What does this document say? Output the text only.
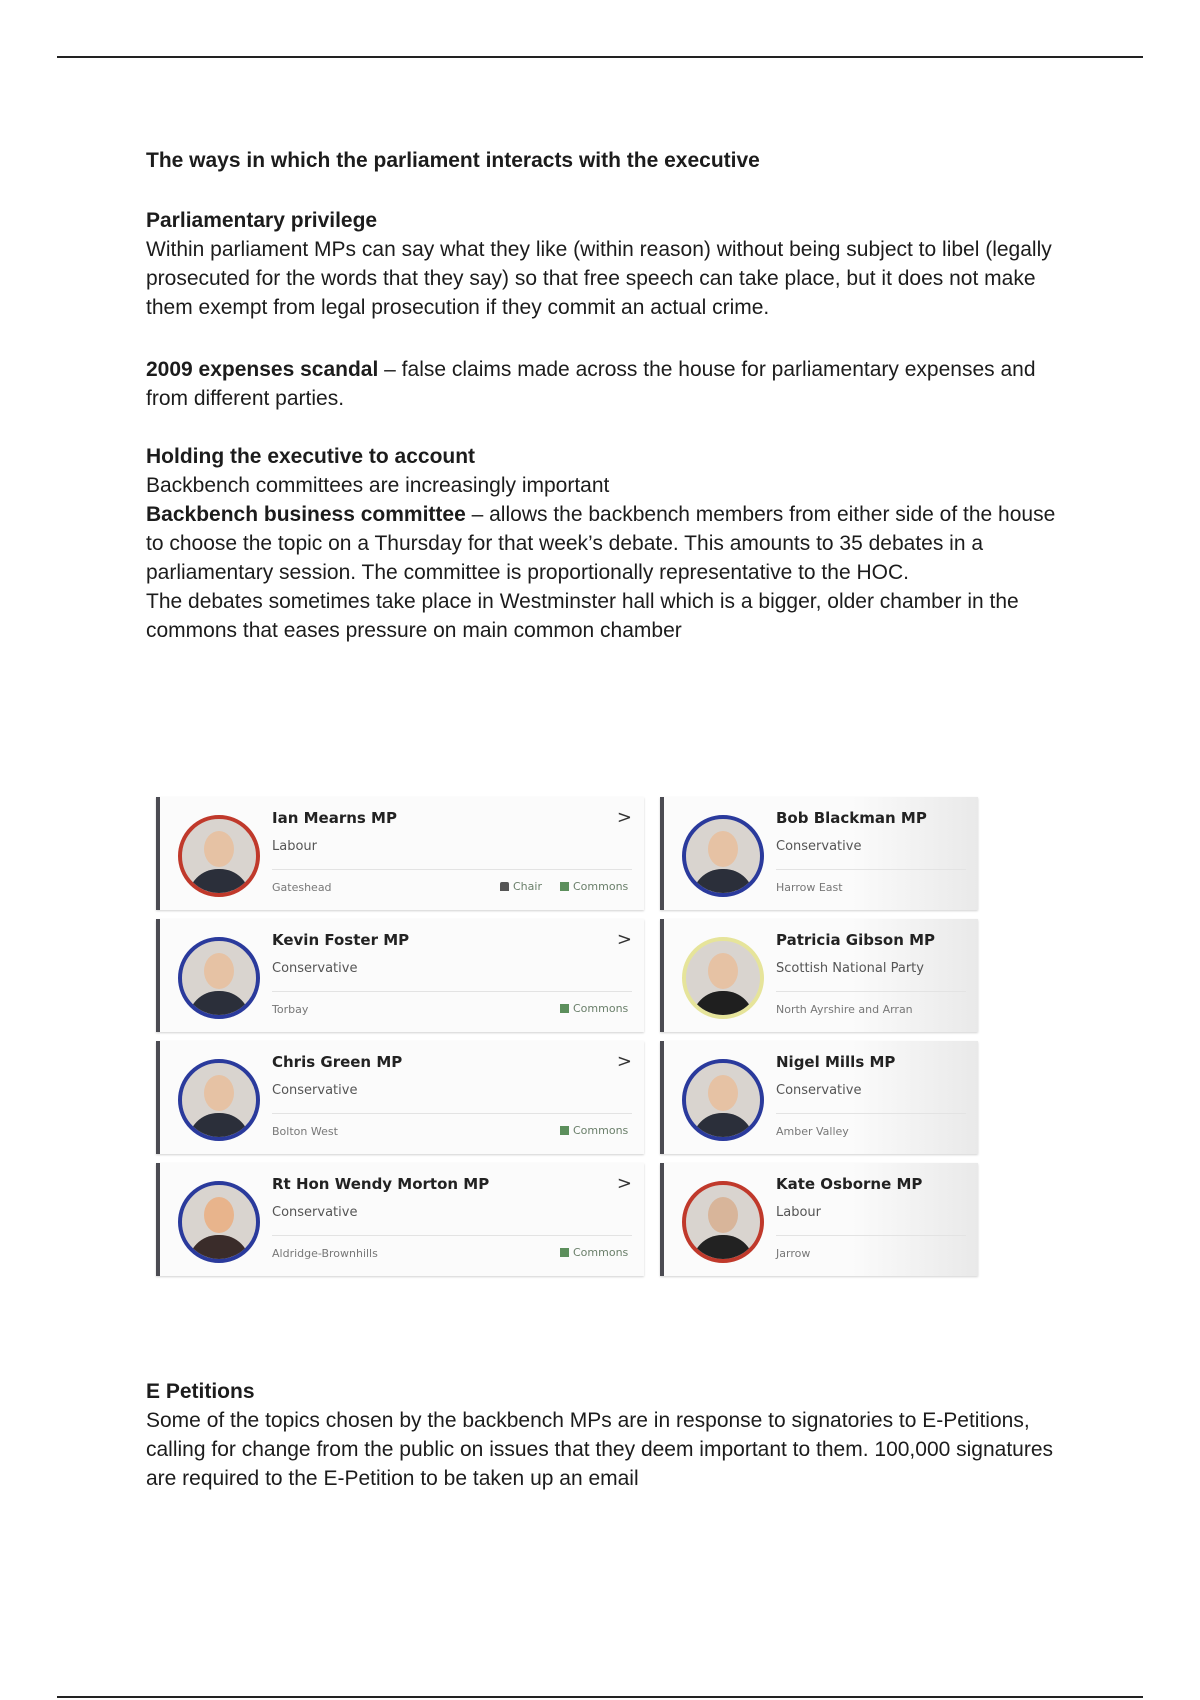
The ways in which the parliament interacts with the executive
Parliamentary privilege
Within parliament MPs can say what they like (within reason) without being subject to libel (legally prosecuted for the words that they say) so that free speech can take place, but it does not make them exempt from legal prosecution if they commit an actual crime.
2009 expenses scandal – false claims made across the house for parliamentary expenses and from different parties.
Holding the executive to account
Backbench committees are increasingly important
Backbench business committee – allows the backbench members from either side of the house to choose the topic on a Thursday for that week’s debate. This amounts to 35 debates in a parliamentary session. The committee is proportionally representative to the HOC.
The debates sometimes take place in Westminster hall which is a bigger, older chamber in the commons that eases pressure on main common chamber
Ian Mearns MP
Labour
>
Gateshead	Chair	Commons
Kevin Foster MP
Conservative
>
Torbay	Commons
Chris Green MP
Conservative
>
Bolton West	Commons
Rt Hon Wendy Morton MP
Conservative
>
Aldridge-Brownhills	Commons
Bob Blackman MP
Conservative
Harrow East
Patricia Gibson MP
Scottish National Party
North Ayrshire and Arran
Nigel Mills MP
Conservative
Amber Valley
Kate Osborne MP
Labour
Jarrow
E Petitions
Some of the topics chosen by the backbench MPs are in response to signatories to E-Petitions, calling for change from the public on issues that they deem important to them. 100,000 signatures are required to the E-Petition to be taken up an email
